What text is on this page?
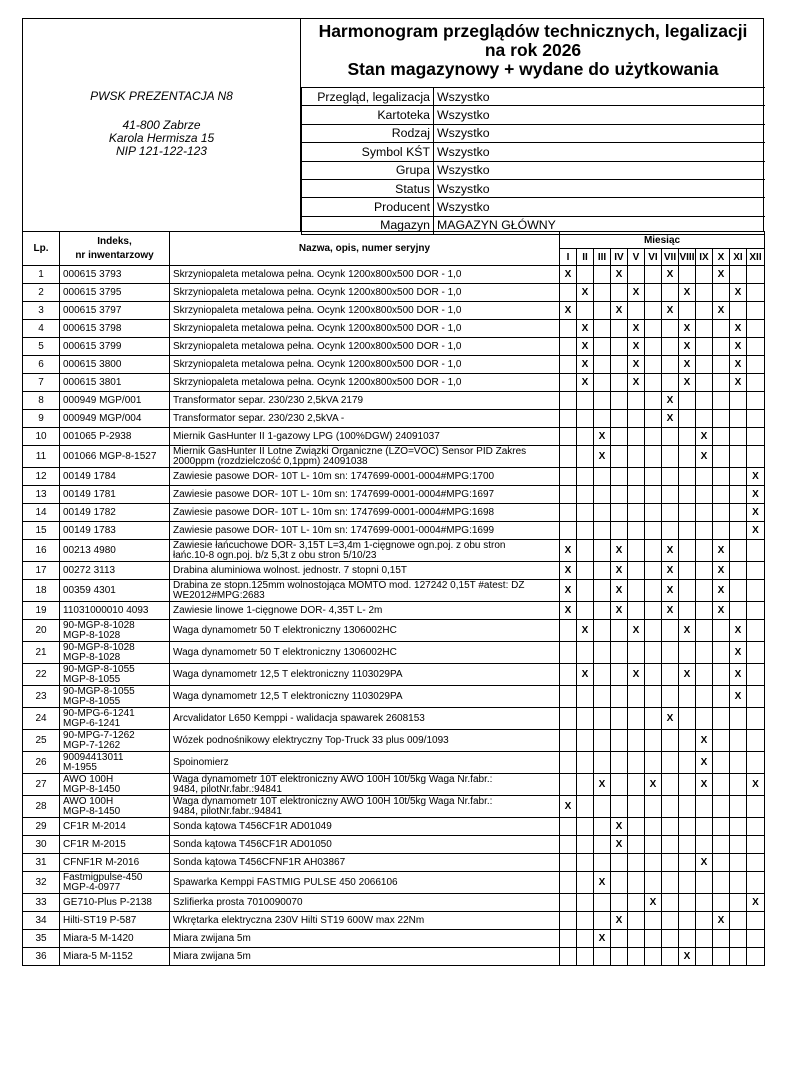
PWSK PREZENTACJA N8
41-800 Zabrze
Karola Hermisza 15
NIP 121-122-123
Harmonogram przeglądów technicznych, legalizacji
na rok 2026
Stan magazynowy + wydane do użytkowania
Przegląd, legalizacja	Wszystko
Kartoteka	Wszystko
Rodzaj	Wszystko
Symbol KŚT	Wszystko
Grupa	Wszystko
Status	Wszystko
Producent	Wszystko
Magazyn	MAGAZYN GŁÓWNY
Lp.	Indeks,
nr inwentarzowy	Nazwa, opis, numer seryjny	Miesiąc											
			I	II	III	IV	V	VI	VII	VIII	IX	X	XI	XII
1	000615 3793	Skrzyniopaleta metalowa pełna. Ocynk 1200x800x500 DOR - 1,0	X			X			X			X		
2	000615 3795	Skrzyniopaleta metalowa pełna. Ocynk 1200x800x500 DOR - 1,0		X			X			X			X	
3	000615 3797	Skrzyniopaleta metalowa pełna. Ocynk 1200x800x500 DOR - 1,0	X			X			X			X		
4	000615 3798	Skrzyniopaleta metalowa pełna. Ocynk 1200x800x500 DOR - 1,0		X			X			X			X	
5	000615 3799	Skrzyniopaleta metalowa pełna. Ocynk 1200x800x500 DOR - 1,0		X			X			X			X	
6	000615 3800	Skrzyniopaleta metalowa pełna. Ocynk 1200x800x500 DOR - 1,0		X			X			X			X	
7	000615 3801	Skrzyniopaleta metalowa pełna. Ocynk 1200x800x500 DOR - 1,0		X			X			X			X	
8	000949 MGP/001	Transformator separ. 230/230 2,5kVA 2179							X					
9	000949 MGP/004	Transformator separ. 230/230 2,5kVA -							X					
10	001065 P-2938	Miernik GasHunter II 1-gazowy LPG (100%DGW) 24091037			X						X			
11	001066 MGP-8-1527	Miernik GasHunter II Lotne Związki Organiczne (LZO=VOC) Sensor PID Zakres
2000ppm (rozdzielczość 0,1ppm) 24091038			X						X			
12	00149 1784	Zawiesie pasowe DOR- 10T L- 10m sn: 1747699-0001-0004#MPG:1700												X
13	00149 1781	Zawiesie pasowe DOR- 10T L- 10m sn: 1747699-0001-0004#MPG:1697												X
14	00149 1782	Zawiesie pasowe DOR- 10T L- 10m sn: 1747699-0001-0004#MPG:1698												X
15	00149 1783	Zawiesie pasowe DOR- 10T L- 10m sn: 1747699-0001-0004#MPG:1699												X
16	00213 4980	Zawiesie łańcuchowe DOR- 3,15T L=3,4m 1-cięgnowe ogn.poj. z obu stron
łańc.10-8 ogn.poj. b/z 5,3t z obu stron 5/10/23	X			X			X			X		
17	00272 3113	Drabina aluminiowa wolnost. jednostr. 7 stopni 0,15T	X			X			X			X		
18	00359 4301	Drabina ze stopn.125mm wolnostojąca MOMTO mod. 127242 0,15T #atest: DZ
WE2012#MPG:2683	X			X			X			X		
19	11031000010 4093	Zawiesie linowe 1-cięgnowe DOR- 4,35T L- 2m	X			X			X			X		
20	90-MGP-8-1028
MGP-8-1028	Waga dynamometr 50 T elektroniczny 1306002HC		X			X			X			X	
21	90-MGP-8-1028
MGP-8-1028	Waga dynamometr 50 T elektroniczny 1306002HC											X	
22	90-MGP-8-1055
MGP-8-1055	Waga dynamometr 12,5 T elektroniczny 1103029PA		X			X			X			X	
23	90-MGP-8-1055
MGP-8-1055	Waga dynamometr 12,5 T elektroniczny 1103029PA											X	
24	90-MPG-6-1241
MGP-6-1241	Arcvalidator L650 Kemppi - walidacja spawarek 2608153							X					
25	90-MPG-7-1262
MGP-7-1262	Wózek podnośnikowy elektryczny Top-Truck 33 plus 009/1093									X			
26	90094413011
M-1955	Spoinomierz									X			
27	AWO 100H
MGP-8-1450	Waga dynamometr 10T elektroniczny AWO 100H 10t/5kg Waga Nr.fabr.:
9484, pilotNr.fabr.:94841			X			X			X			X
28	AWO 100H
MGP-8-1450	Waga dynamometr 10T elektroniczny AWO 100H 10t/5kg Waga Nr.fabr.:
9484, pilotNr.fabr.:94841	X											
29	CF1R M-2014	Sonda kątowa T456CF1R AD01049				X								
30	CF1R M-2015	Sonda kątowa T456CF1R AD01050				X								
31	CFNF1R M-2016	Sonda kątowa T456CFNF1R AH03867									X			
32	Fastmigpulse-450
MGP-4-0977	Spawarka Kemppi FASTMIG PULSE 450 2066106			X									
33	GE710-Plus P-2138	Szlifierka prosta 7010090070						X						X
34	Hilti-ST19 P-587	Wkrętarka elektryczna 230V Hilti ST19 600W max 22Nm				X						X		
35	Miara-5 M-1420	Miara zwijana 5m			X									
36	Miara-5 M-1152	Miara zwijana 5m								X				
